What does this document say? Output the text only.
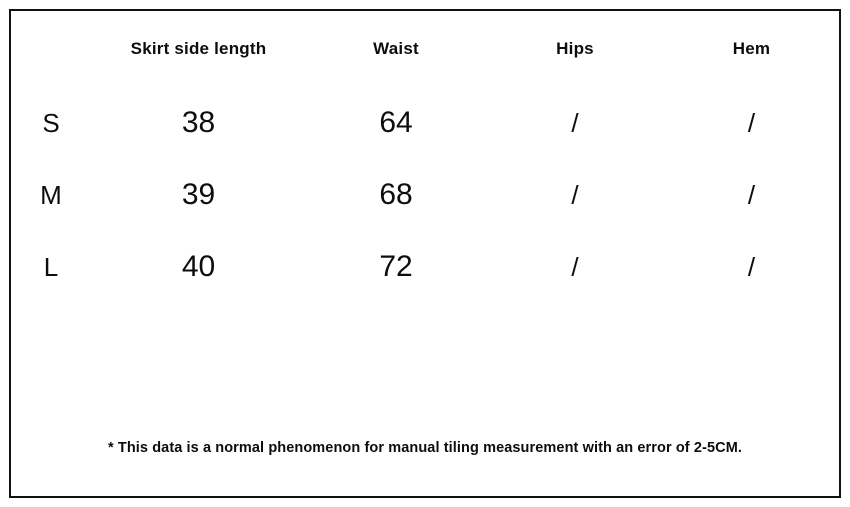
	Skirt side length	Waist	Hips	Hem
S	38	64	/	/
M	39	68	/	/
L	40	72	/	/
* This data is a normal phenomenon for manual tiling measurement with an error of 2-5CM.
